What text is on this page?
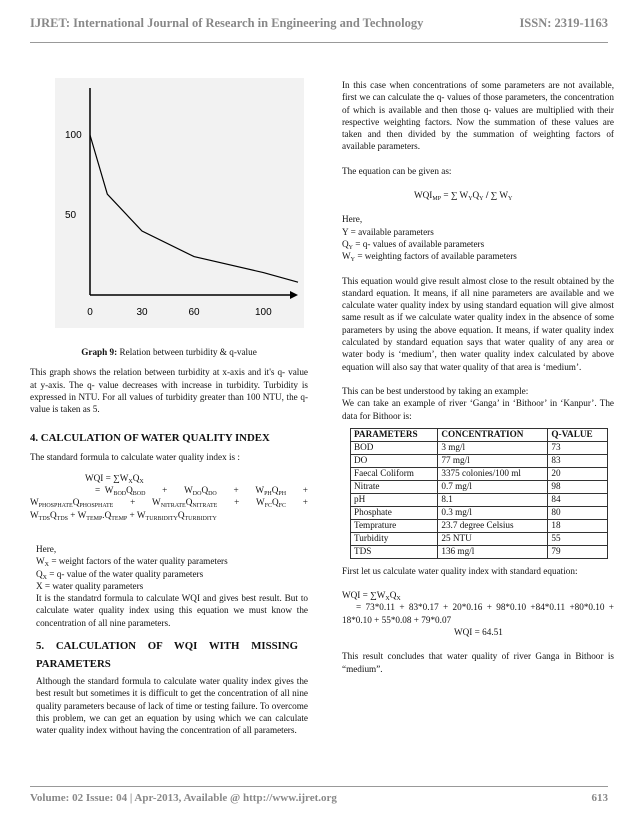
IJRET: International Journal of Research in Engineering and Technology	ISSN: 2319-1163
50
100
0	30	60	100
Graph 9: Relation between turbidity & q-value

This graph shows the relation between turbidity at x-axis and it's q- value at y-axis. The q- value decreases with increase in turbidity. Turbidity is expressed in NTU. For all values of turbidity greater than 100 NTU, the q- value is taken as 5.

4. CALCULATION OF WATER QUALITY INDEX

The standard formula to calculate water quality index is :

WQI = $\sum W_XQ_X$
=  $W_{BOD}Q_{BOD} + W_{DO}Q_{DO} + W_{PH}Q_{PH}$ +
$W_{PHOSPHATE}Q_{PHOSPHATE} + W_{NITRATE}Q_{NITRATE} + W_{FC}Q_{FC}$ +
$W_{TDS}Q_{TDS} + W_{TEMP}.Q_{TEMP} + W_{TURBIDITY}Q_{TURBIDITY}$

Here,

$W_X$ = weight factors of the water quality parameters

$Q_X = q-$ value of the water quality parameters

X = water quality parameters

It is the standatrd formula to calculate WQI and gives best result. But to calculate water quality index using this equation we must know the concentration of all nine parameters.

5. CALCULATION OF WQI WITH MISSING
PARAMETERS

Although the standard formula to calculate water quality index gives the best result but sometimes it is difficult to get the concentration of all nine quality parameters because of lack of time or testing failure. To overcome this problem, we can get an equation by using which we can calculate water quality index without having the concentration of all parameters.

In this case when concentrations of some parameters are not available, first we can calculate the q- values of those parameters, the concentration of which is available and then those q- values are multiplied with their respective weighting factors. Now the summation of these values are taken and then divided by the summation of weighting factors of available parameters.

The equation can be given as:

$WQI_{MP}$ = ∑ $W_YQ_Y$ / ∑ $W_Y$

Here,

Y = available parameters

$Q_Y = q-$ values of available parameters

$W_Y$ = weighting factors of available parameters

This equation would give result almost close to the result obtained by the standard equation. It means, if all nine parameters are available and we calculate water quality index by using standard equation will give almost same result as if we calculate water quality index in the absence of some parameters by using the above equation. It means, if water quality index calculated by standard equation says that water quality of any area or water body is ‘medium’, then water quality index calculated by above equation will also say that water quality of that area is ‘medium’.

This can be best understood by taking an example:

We can take an example of river ‘Ganga’ in ‘Bithoor’ in ‘Kanpur’. The data for Bithoor is:

PARAMETERS	CONCENTRATION	Q-VALUE
BOD	3 mg/l	73
DO	77 mg/l	83
Faecal Coliform	3375 colonies/100 ml	20
Nitrate	0.7 mg/l	98
pH	8.1	84
Phosphate	0.3 mg/l	80
Temprature	23.7 degree Celsius	18
Turbidity	25 NTU	55
TDS	136 mg/l	79

First let us calculate water quality index with standard equation:

WQI = $\sum W_XQ_X$

= 73*0.11 + 83*0.17 + 20*0.16 + 98*0.10 +84*0.11 +80*0.10 + 18*0.10 + 55*0.08 + 79*0.07

WQI = 64.51

This result concludes that water quality of river Ganga in Bithoor is “medium”.

Volume: 02 Issue: 04 | Apr-2013, Available @ http://www.ijret.org	613
